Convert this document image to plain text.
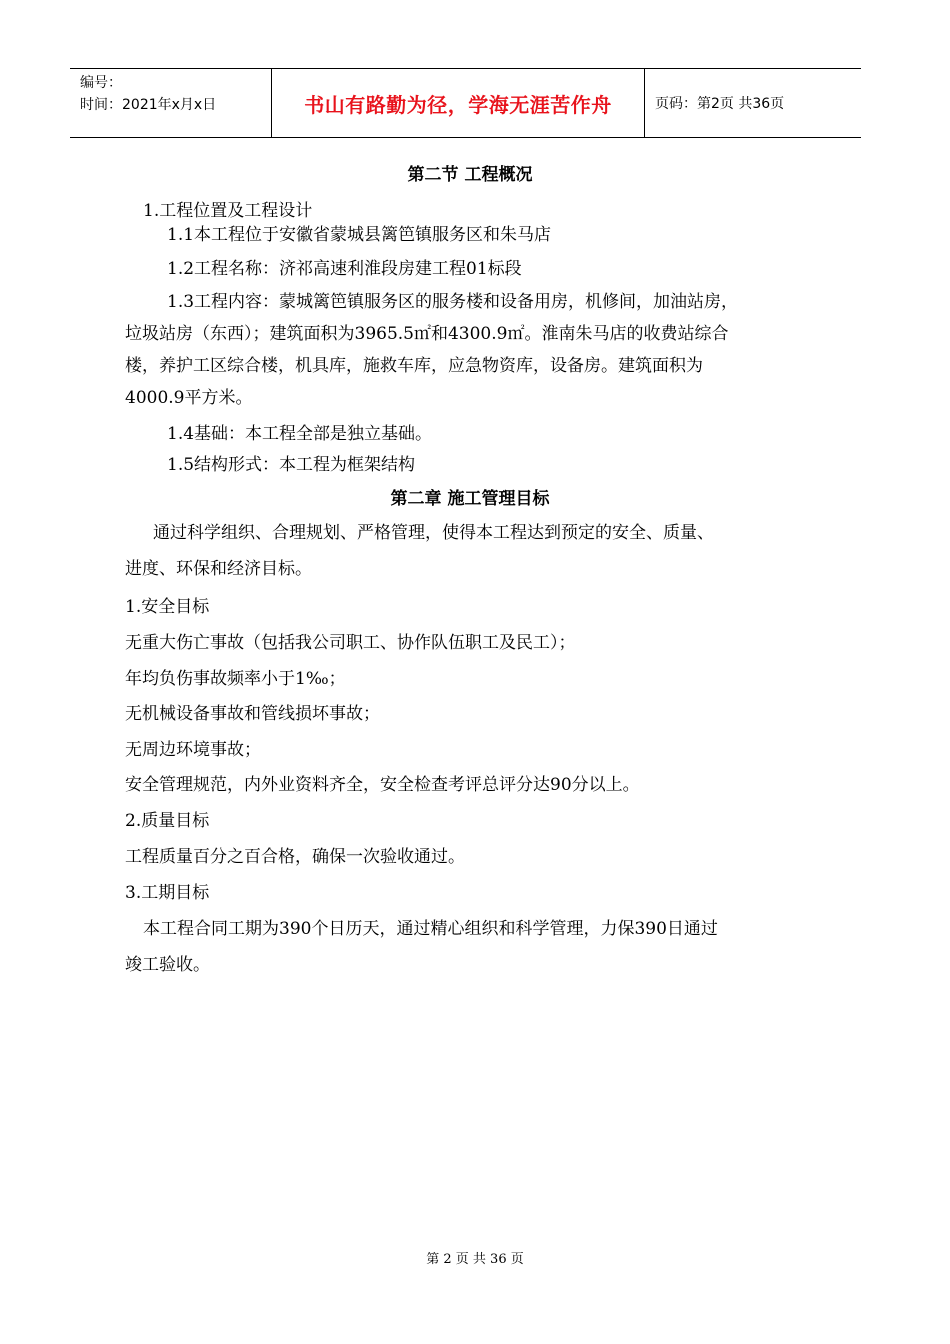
编号：
时间：2021年x月x日	书山有路勤为径，学海无涯苦作舟	页码：第2页 共36页
第二节 工程概况
1.工程位置及工程设计
1.1本工程位于安徽省蒙城县篱笆镇服务区和朱马店
1.2工程名称：济祁高速利淮段房建工程01标段
1.3工程内容：蒙城篱笆镇服务区的服务楼和设备用房，机修间，加油站房，
垃圾站房（东西）；建筑面积为3965.5㎡和4300.9㎡。淮南朱马店的收费站综合
楼，养护工区综合楼，机具库，施救车库，应急物资库，设备房。建筑面积为
4000.9平方米。
1.4基础：本工程全部是独立基础。
1.5结构形式：本工程为框架结构
第二章 施工管理目标
通过科学组织、合理规划、严格管理，使得本工程达到预定的安全、质量、
进度、环保和经济目标。
1.安全目标
无重大伤亡事故（包括我公司职工、协作队伍职工及民工）；
年均负伤事故频率小于1‰；
无机械设备事故和管线损坏事故；
无周边环境事故；
安全管理规范，内外业资料齐全，安全检查考评总评分达90分以上。
2.质量目标
工程质量百分之百合格，确保一次验收通过。
3.工期目标
本工程合同工期为390个日历天，通过精心组织和科学管理，力保390日通过
竣工验收。
第 2 页 共 36 页
